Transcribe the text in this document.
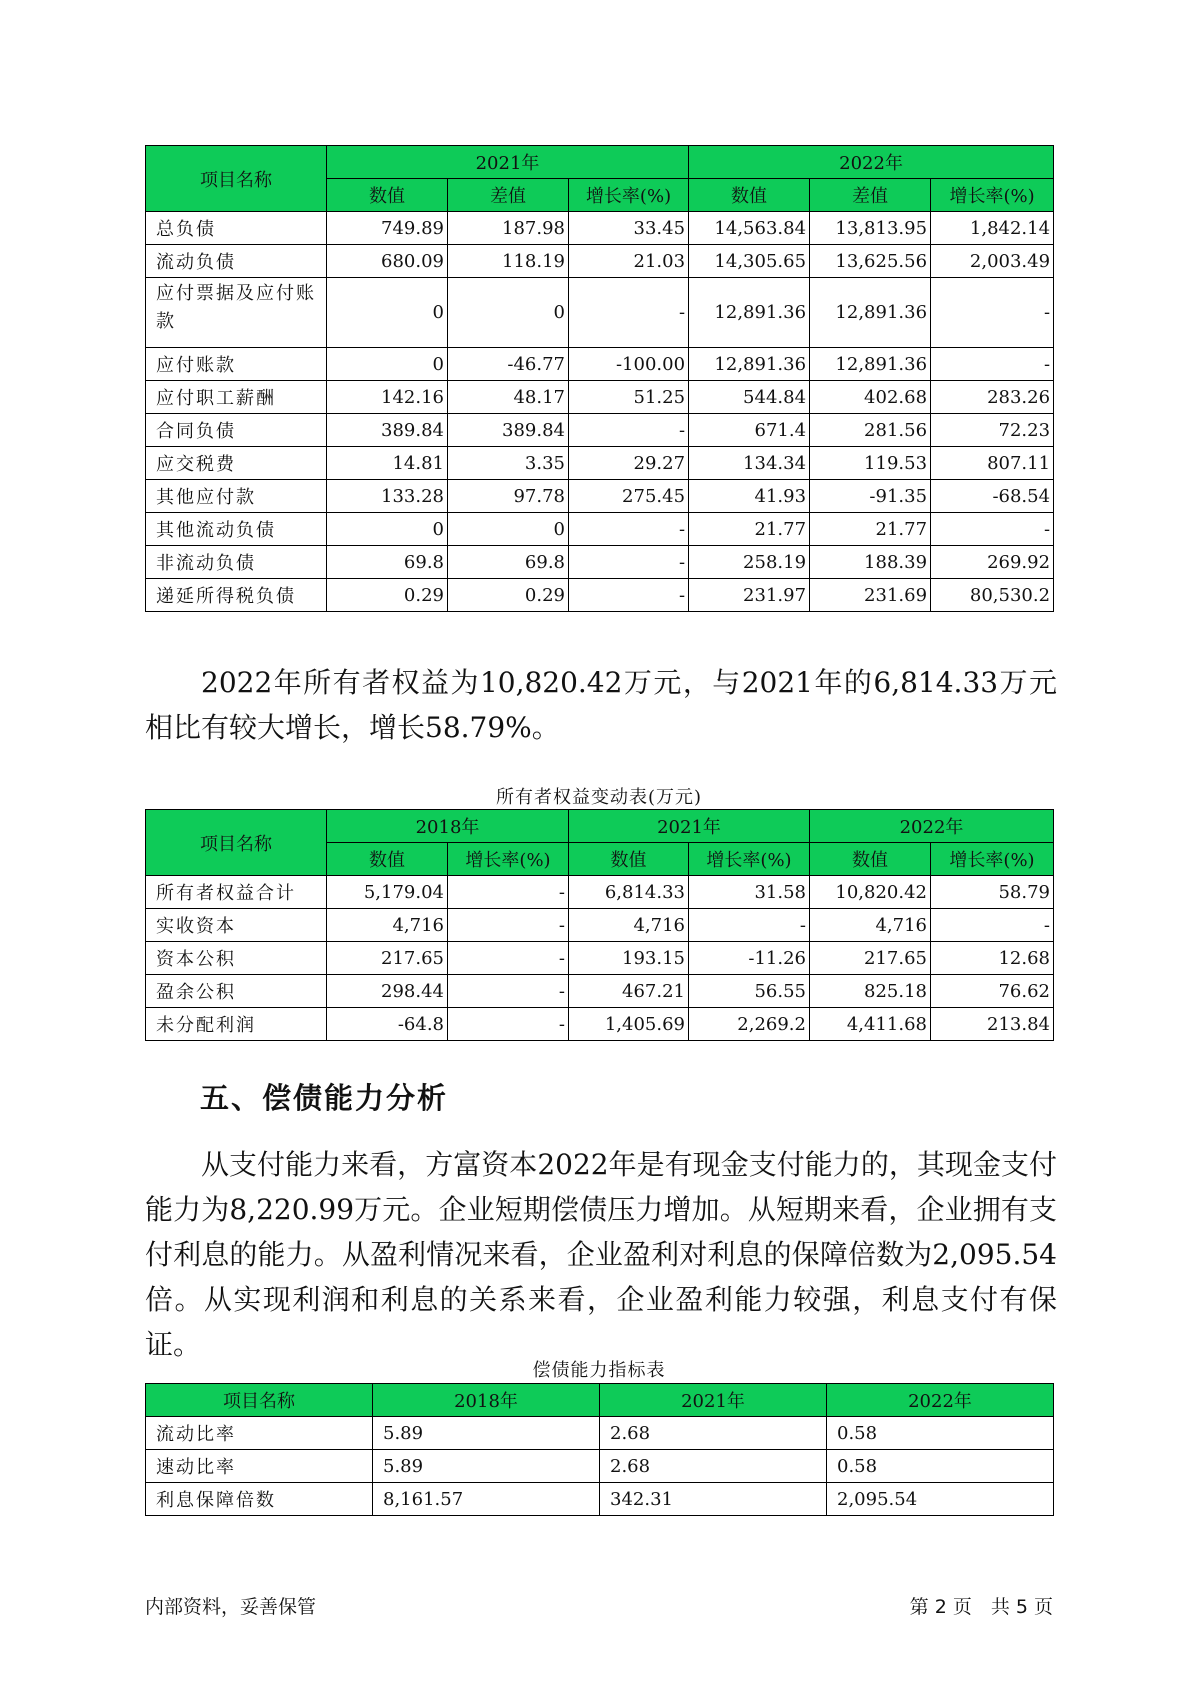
项目名称	2021年			2022年		
	数值	差值	增长率(%)	数值	差值	增长率(%)
总负债	749.89	187.98	33.45	14,563.84	13,813.95	1,842.14
流动负债	680.09	118.19	21.03	14,305.65	13,625.56	2,003.49
应付票据及应付账款	0	0	-	12,891.36	12,891.36	-
应付账款	0	-46.77	-100.00	12,891.36	12,891.36	-
应付职工薪酬	142.16	48.17	51.25	544.84	402.68	283.26
合同负债	389.84	389.84	-	671.4	281.56	72.23
应交税费	14.81	3.35	29.27	134.34	119.53	807.11
其他应付款	133.28	97.78	275.45	41.93	-91.35	-68.54
其他流动负债	0	0	-	21.77	21.77	-
非流动负债	69.8	69.8	-	258.19	188.39	269.92
递延所得税负债	0.29	0.29	-	231.97	231.69	80,530.2

2022年所有者权益为10,820.42万元，与2021年的6,814.33万元相比有较大增长，增长58.79%。

所有者权益变动表(万元)
项目名称	2018年		2021年		2022年	
	数值	增长率(%)	数值	增长率(%)	数值	增长率(%)
所有者权益合计	5,179.04	-	6,814.33	31.58	10,820.42	58.79
实收资本	4,716	-	4,716	-	4,716	-
资本公积	217.65	-	193.15	-11.26	217.65	12.68
盈余公积	298.44	-	467.21	56.55	825.18	76.62
未分配利润	-64.8	-	1,405.69	2,269.2	4,411.68	213.84
五、偿债能力分析

从支付能力来看，方富资本2022年是有现金支付能力的，其现金支付能力为8,220.99万元。企业短期偿债压力增加。从短期来看，企业拥有支付利息的能力。从盈利情况来看，企业盈利对利息的保障倍数为2,095.54倍。从实现利润和利息的关系来看，企业盈利能力较强，利息支付有保证。

偿债能力指标表
项目名称	2018年	2021年	2022年
流动比率	5.89	2.68	0.58
速动比率	5.89	2.68	0.58
利息保障倍数	8,161.57	342.31	2,095.54
内部资料，妥善保管	第 2 页　共 5 页
